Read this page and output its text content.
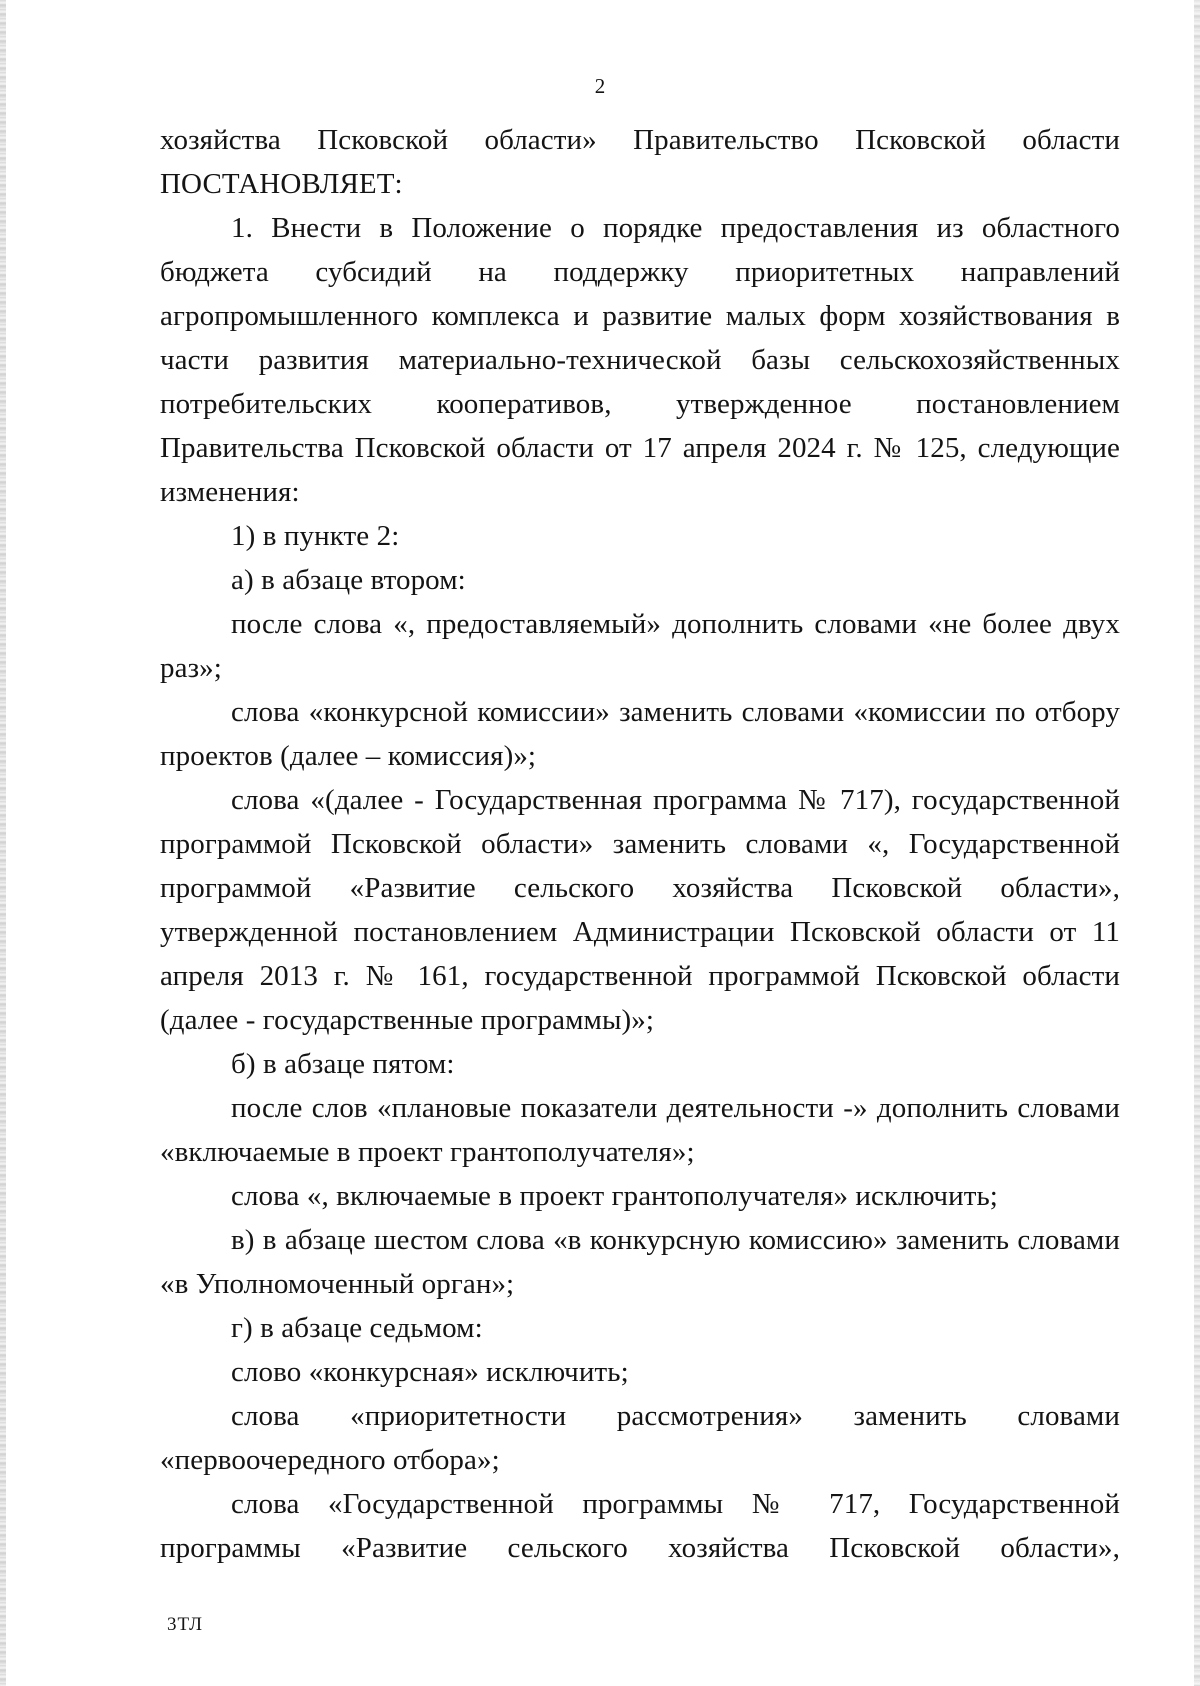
2

хозяйства Псковской области» Правительство Псковской области ПОСТАНОВЛЯЕТ:

1. Внести в Положение о порядке предоставления из областного бюджета субсидий на поддержку приоритетных направлений агропромышленного комплекса и развитие малых форм хозяйствования в части развития материально-технической базы сельскохозяйственных потребительских кооперативов, утвержденное постановлением Правительства Псковской области от 17 апреля 2024 г. № 125, следующие изменения:

1) в пункте 2:

а) в абзаце втором:

после слова «, предоставляемый» дополнить словами «не более двух раз»;

слова «конкурсной комиссии» заменить словами «комиссии по отбору проектов (далее – комиссия)»;

слова «(далее - Государственная программа № 717), государственной программой Псковской области» заменить словами «, Государственной программой «Развитие сельского хозяйства Псковской области», утвержденной постановлением Администрации Псковской области от 11 апреля 2013 г. № 161, государственной программой Псковской области (далее - государственные программы)»;

б) в абзаце пятом:

после слов «плановые показатели деятельности -» дополнить словами «включаемые в проект грантополучателя»;

слова «, включаемые в проект грантополучателя» исключить;

в) в абзаце шестом слова «в конкурсную комиссию» заменить словами «в Уполномоченный орган»;

г) в абзаце седьмом:

слово «конкурсная» исключить;

слова «приоритетности рассмотрения» заменить словами «первоочередного отбора»;

слова «Государственной программы № 717, Государственной программы «Развитие сельского хозяйства Псковской области»,

3ТЛ
